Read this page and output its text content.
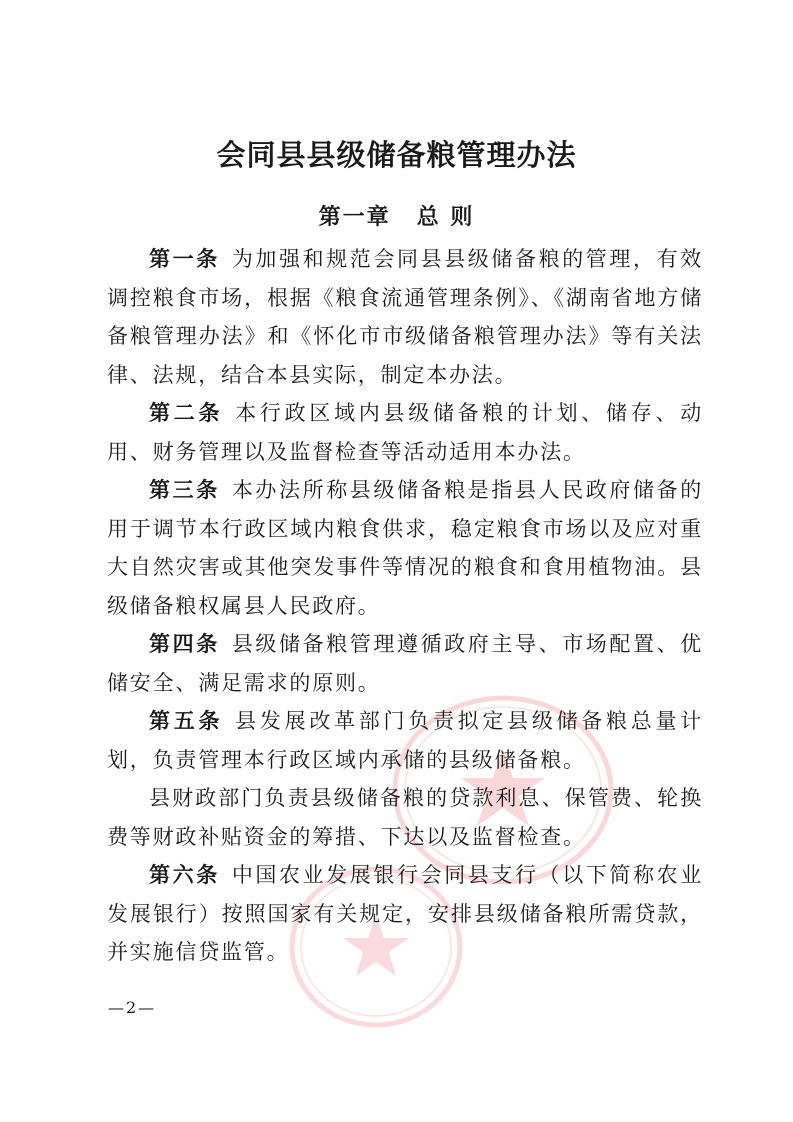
会同县县级储备粮管理办法
第一章 总 则

第一条 为加强和规范会同县县级储备粮的管理，有效调控粮食市场，根据《粮食流通管理条例》、《湖南省地方储备粮管理办法》和《怀化市市级储备粮管理办法》等有关法律、法规，结合本县实际，制定本办法。

第二条 本行政区域内县级储备粮的计划、储存、动用、财务管理以及监督检查等活动适用本办法。

第三条 本办法所称县级储备粮是指县人民政府储备的用于调节本行政区域内粮食供求，稳定粮食市场以及应对重大自然灾害或其他突发事件等情况的粮食和食用植物油。县级储备粮权属县人民政府。

第四条 县级储备粮管理遵循政府主导、市场配置、优储安全、满足需求的原则。

第五条 县发展改革部门负责拟定县级储备粮总量计划，负责管理本行政区域内承储的县级储备粮。

县财政部门负责县级储备粮的贷款利息、保管费、轮换费等财政补贴资金的筹措、下达以及监督检查。

第六条 中国农业发展银行会同县支行（以下简称农业发展银行）按照国家有关规定，安排县级储备粮所需贷款，并实施信贷监管。

—2—
